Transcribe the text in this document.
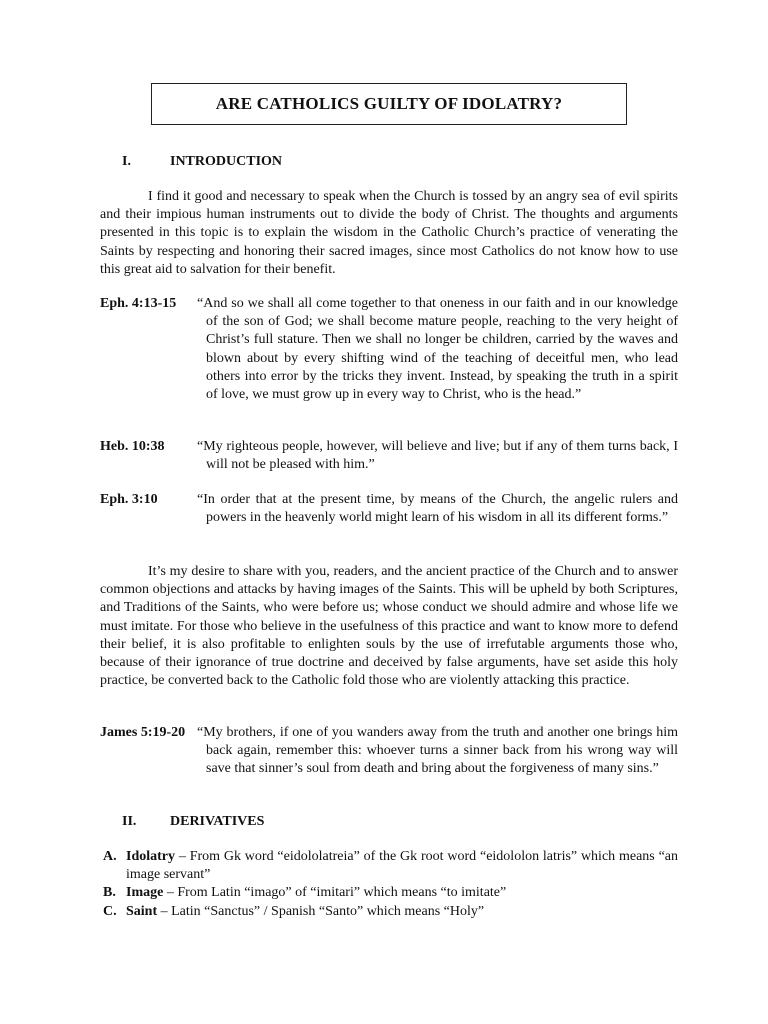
ARE CATHOLICS GUILTY OF IDOLATRY?
I.	INTRODUCTION
I find it good and necessary to speak when the Church is tossed by an angry sea of evil spirits and their impious human instruments out to divide the body of Christ. The thoughts and arguments presented in this topic is to explain the wisdom in the Catholic Church’s practice of venerating the Saints by respecting and honoring their sacred images, since most Catholics do not know how to use this great aid to salvation for their benefit.
Eph. 4:13-15 “And so we shall all come together to that oneness in our faith and in our knowledge of the son of God; we shall become mature people, reaching to the very height of Christ’s full stature. Then we shall no longer be children, carried by the waves and blown about by every shifting wind of the teaching of deceitful men, who lead others into error by the tricks they invent. Instead, by speaking the truth in a spirit of love, we must grow up in every way to Christ, who is the head.”
Heb. 10:38 “My righteous people, however, will believe and live; but if any of them turns back, I will not be pleased with him.”
Eph. 3:10	“In order that at the present time, by means of the Church, the angelic rulers and powers in the heavenly world might learn of his wisdom in all its different forms.”
It’s my desire to share with you, readers, and the ancient practice of the Church and to answer common objections and attacks by having images of the Saints. This will be upheld by both Scriptures, and Traditions of the Saints, who were before us; whose conduct we should admire and whose life we must imitate. For those who believe in the usefulness of this practice and want to know more to defend their belief, it is also profitable to enlighten souls by the use of irrefutable arguments those who, because of their ignorance of true doctrine and deceived by false arguments, have set aside this holy practice, be converted back to the Catholic fold those who are violently attacking this practice.
James 5:19-20 “My brothers, if one of you wanders away from the truth and another one brings him back again, remember this: whoever turns a sinner back from his wrong way will save that sinner’s soul from death and bring about the forgiveness of many sins.”
II. DERIVATIVES
A. Idolatry – From Gk word “eidololatreia” of the Gk root word “eidololon latris” which means “an image servant”
B. Image – From Latin “imago” of “imitari” which means “to imitate”
C. Saint – Latin “Sanctus” / Spanish “Santo” which means “Holy”
